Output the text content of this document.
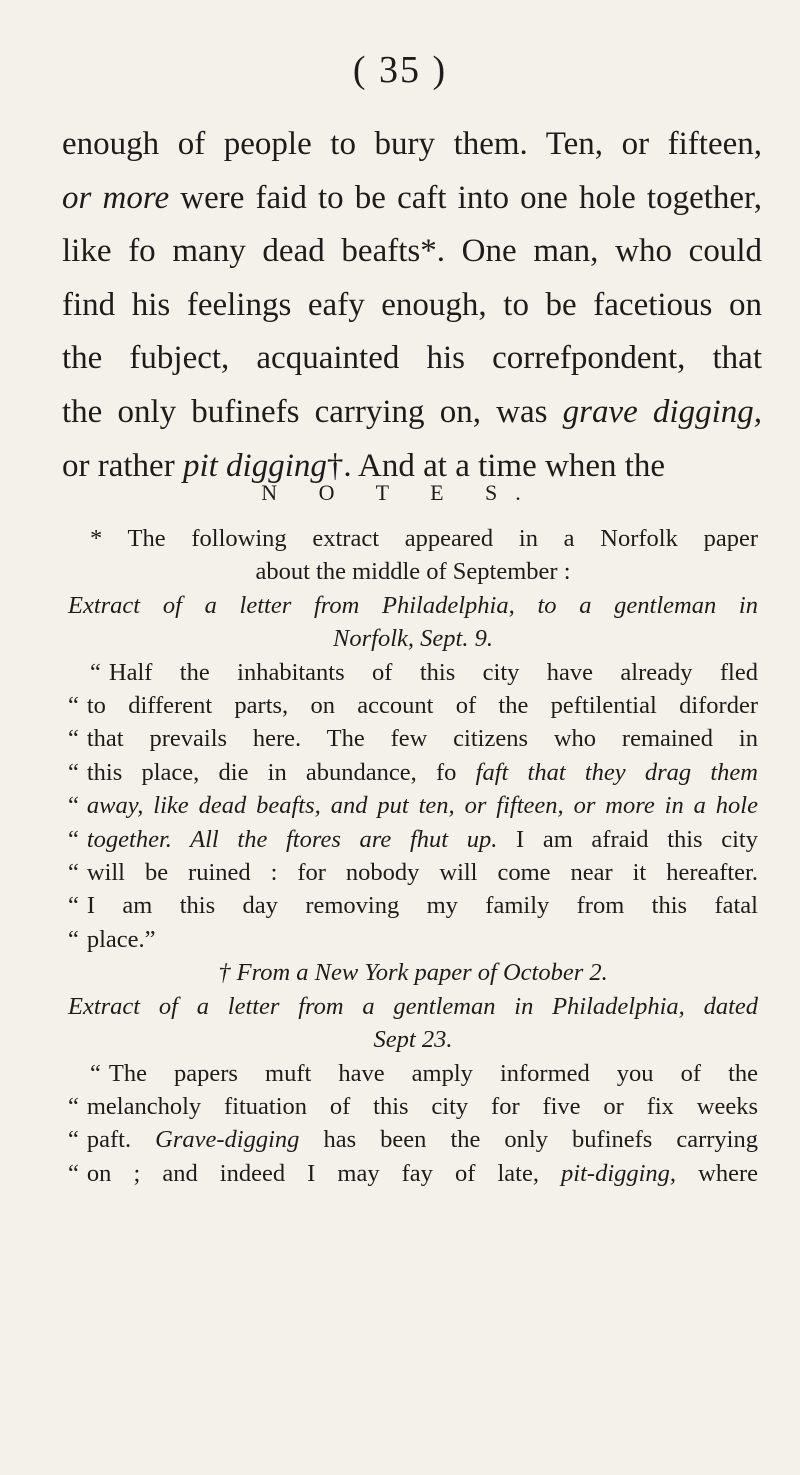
( 35 )
enough of people to bury them. Ten, or fifteen,
or more were faid to be caft into one hole together,
like fo many dead beafts*. One man, who could
find his feelings eafy enough, to be facetious on
the fubject, acquainted his correfpondent, that
the only bufinefs carrying on, was grave digging,
or rather pit digging†. And at a time when the
N O T E S.
* The following extract appeared in a Norfolk paper
about the middle of September :
Extract of a letter from Philadelphia, to a gentleman in
Norfolk, Sept. 9.
“ Half the inhabitants of this city have already fled
“ to different parts, on account of the peftilential diforder
“ that prevails here. The few citizens who remained in
“ this place, die in abundance, fo faft that they drag them
“ away, like dead beafts, and put ten, or fifteen, or more in a hole
“ together. All the ftores are fhut up. I am afraid this city
“ will be ruined : for nobody will come near it hereafter.
“ I am this day removing my family from this fatal
“ place.”
† From a New York paper of October 2.
Extract of a letter from a gentleman in Philadelphia, dated
Sept 23.
“ The papers muft have amply informed you of the
“ melancholy fituation of this city for five or fix weeks
“ paft. Grave-digging has been the only bufinefs carrying
“ on ; and indeed I may fay of late, pit-digging, where
